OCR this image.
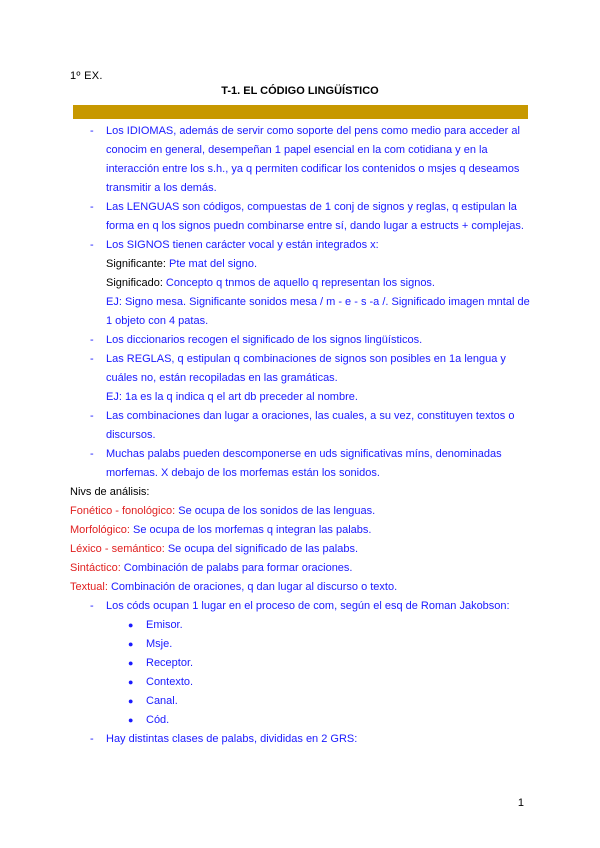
1º EX.
T-1. EL CÓDIGO LINGÜÍSTICO
- Los IDIOMAS, además de servir como soporte del pens como medio para acceder al conocim en general, desempeñan 1 papel esencial en la com cotidiana y en la interacción entre los s.h., ya q permiten codificar los contenidos o msjes q deseamos transmitir a los demás.
- Las LENGUAS son códigos, compuestas de 1 conj de signos y reglas, q estipulan la forma en q los signos puedn combinarse entre sí, dando lugar a estructs + complejas.
- Los SIGNOS tienen carácter vocal y están integrados x:
Significante: Pte mat del signo.
Significado: Concepto q tnmos de aquello q representan los signos.
EJ: Signo mesa. Significante sonidos mesa / m - e - s -a /. Significado imagen mntal de 1 objeto con 4 patas.
- Los diccionarios recogen el significado de los signos lingüísticos.
- Las REGLAS, q estipulan q combinaciones de signos son posibles en 1a lengua y cuáles no, están recopiladas en las gramáticas.
EJ: 1a es la q indica q el art db preceder al nombre.
- Las combinaciones dan lugar a oraciones, las cuales, a su vez, constituyen textos o discursos.
- Muchas palabs pueden descomponerse en uds significativas míns, denominadas morfemas. X debajo de los morfemas están los sonidos.
Nivs de análisis:
Fonético - fonológico: Se ocupa de los sonidos de las lenguas.
Morfológico: Se ocupa de los morfemas q integran las palabs.
Léxico - semántico: Se ocupa del significado de las palabs.
Sintáctico: Combinación de palabs para formar oraciones.
Textual: Combinación de oraciones, q dan lugar al discurso o texto.
- Los códs ocupan 1 lugar en el proceso de com, según el esq de Roman Jakobson:
● Emisor.
● Msje.
● Receptor.
● Contexto.
● Canal.
● Cód.
- Hay distintas clases de palabs, divididas en 2 GRS:
1
